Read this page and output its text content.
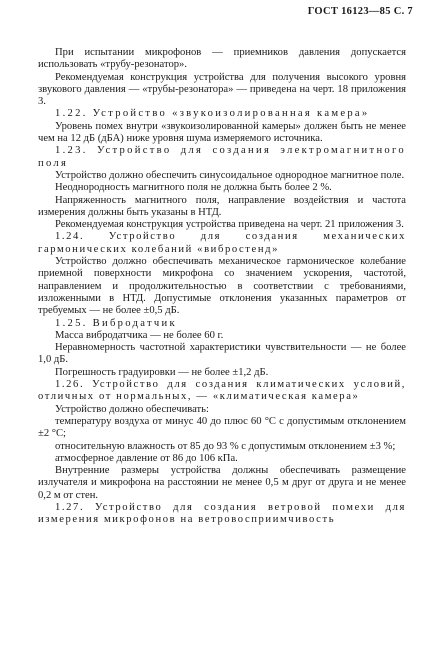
ГОСТ 16123—85 С. 7

При испытании микрофонов — приемников давления допускается использовать «трубу-резонатор».

Рекомендуемая конструкция устройства для получения высокого уровня звукового давления — «трубы-резонатора» — приведена на черт. 18 приложения 3.

1.22. Устройство «звукоизолированная камера»

Уровень помех внутри «звукоизолированной камеры» должен быть не менее чем на 12 дБ (дБА) ниже уровня шума измеряемого источника.

1.23. Устройство для создания электромагнитного поля

Устройство должно обеспечить синусоидальное однородное магнитное поле.

Неоднородность магнитного поля не должна быть более 2 %.

Напряженность магнитного поля, направление воздействия и частота измерения должны быть указаны в НТД.

Рекомендуемая конструкция устройства приведена на черт. 21 приложения 3.

1.24. Устройство для создания механических гармонических колебаний «вибростенд»

Устройство должно обеспечивать механическое гармоническое колебание приемной поверхности микрофона со значением ускорения, частотой, направлением и продолжительностью в соответствии с требованиями, изложенными в НТД. Допустимые отклонения указанных параметров от требуемых — не более ±0,5 дБ.

1.25. Вибродатчик

Масса вибродатчика — не более 60 г.

Неравномерность частотной характеристики чувствительности — не более 1,0 дБ.

Погрешность градуировки — не более ±1,2 дБ.

1.26. Устройство для создания климатических условий, отличных от нормальных, — «климатическая камера»

Устройство должно обеспечивать:

температуру воздуха от минус 40 до плюс 60 °С с допустимым отклонением ±2 °С;

относительную влажность от 85 до 93 % с допустимым отклонением ±3 %;

атмосферное давление от 86 до 106 кПа.

Внутренние размеры устройства должны обеспечивать размещение излучателя и микрофона на расстоянии не менее 0,5 м друг от друга и не менее 0,2 м от стен.

1.27. Устройство для создания ветровой помехи для измерения микрофонов на ветровосприимчивость
